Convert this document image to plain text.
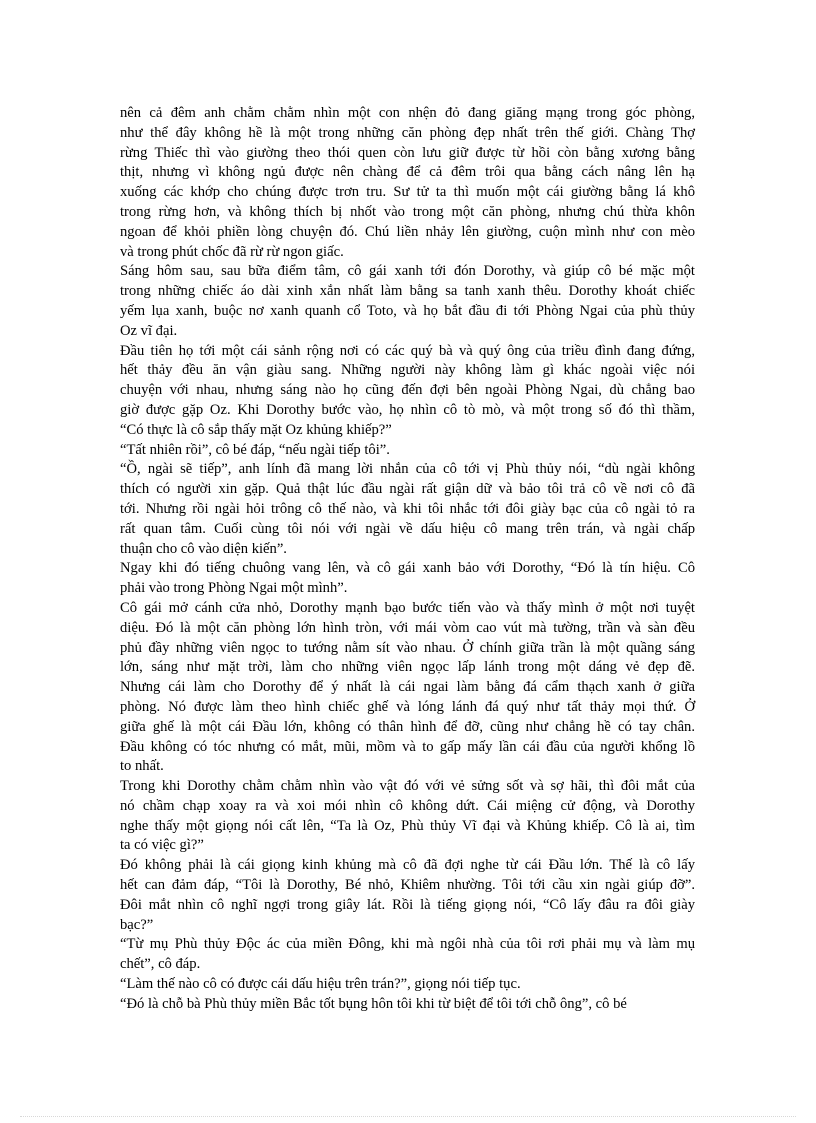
nên cả đêm anh chằm chằm nhìn một con nhện đỏ đang giăng mạng trong góc phòng,
như thể đây không hề là một trong những căn phòng đẹp nhất trên thế giới. Chàng Thợ
rừng Thiếc thì vào giường theo thói quen còn lưu giữ được từ hồi còn bằng xương bằng
thịt, nhưng vì không ngủ được nên chàng để cả đêm trôi qua bằng cách nâng lên hạ
xuống các khớp cho chúng được trơn tru. Sư tử ta thì muốn một cái giường bằng lá khô
trong rừng hơn, và không thích bị nhốt vào trong một căn phòng, nhưng chú thừa khôn
ngoan để khỏi phiền lòng chuyện đó. Chú liền nhảy lên giường, cuộn mình như con mèo
và trong phút chốc đã rừ rừ ngon giấc.
Sáng hôm sau, sau bữa điểm tâm, cô gái xanh tới đón Dorothy, và giúp cô bé mặc một
trong những chiếc áo dài xinh xắn nhất làm bằng sa tanh xanh thêu. Dorothy khoát chiếc
yếm lụa xanh, buộc nơ xanh quanh cổ Toto, và họ bắt đầu đi tới Phòng Ngai của phù thủy
Oz vĩ đại.
Đầu tiên họ tới một cái sảnh rộng nơi có các quý bà và quý ông của triều đình đang đứng,
hết thảy đều ăn vận giàu sang. Những người này không làm gì khác ngoài việc nói
chuyện với nhau, nhưng sáng nào họ cũng đến đợi bên ngoài Phòng Ngai, dù chẳng bao
giờ được gặp Oz. Khi Dorothy bước vào, họ nhìn cô tò mò, và một trong số đó thì thầm,
“Có thực là cô sắp thấy mặt Oz khủng khiếp?”
“Tất nhiên rồi”, cô bé đáp, “nếu ngài tiếp tôi”.
“Ồ, ngài sẽ tiếp”, anh lính đã mang lời nhắn của cô tới vị Phù thủy nói, “dù ngài không
thích có người xin gặp. Quả thật lúc đầu ngài rất giận dữ và bảo tôi trả cô về nơi cô đã
tới. Nhưng rồi ngài hỏi trông cô thế nào, và khi tôi nhắc tới đôi giày bạc của cô ngài tỏ ra
rất quan tâm. Cuối cùng tôi nói với ngài về dấu hiệu cô mang trên trán, và ngài chấp
thuận cho cô vào diện kiến”.
Ngay khi đó tiếng chuông vang lên, và cô gái xanh bảo với Dorothy, “Đó là tín hiệu. Cô
phải vào trong Phòng Ngai một mình”.
Cô gái mở cánh cửa nhỏ, Dorothy mạnh bạo bước tiến vào và thấy mình ở một nơi tuyệt
diệu. Đó là một căn phòng lớn hình tròn, với mái vòm cao vút mà tường, trần và sàn đều
phủ đầy những viên ngọc to tướng nằm sít vào nhau. Ở chính giữa trần là một quầng sáng
lớn, sáng như mặt trời, làm cho những viên ngọc lấp lánh trong một dáng vẻ đẹp đẽ.
Nhưng cái làm cho Dorothy để ý nhất là cái ngai làm bằng đá cẩm thạch xanh ở giữa
phòng. Nó được làm theo hình chiếc ghế và lóng lánh đá quý như tất thảy mọi thứ. Ở
giữa ghế là một cái Đầu lớn, không có thân hình để đỡ, cũng như chẳng hề có tay chân.
Đầu không có tóc nhưng có mắt, mũi, mồm và to gấp mấy lần cái đầu của người khổng lồ
to nhất.
Trong khi Dorothy chằm chằm nhìn vào vật đó với vẻ sửng sốt và sợ hãi, thì đôi mắt của
nó chầm chạp xoay ra và xoi mói nhìn cô không dứt. Cái miệng cử động, và Dorothy
nghe thấy một giọng nói cất lên, “Ta là Oz, Phù thủy Vĩ đại và Khủng khiếp. Cô là ai, tìm
ta có việc gì?”
Đó không phải là cái giọng kinh khủng mà cô đã đợi nghe từ cái Đầu lớn. Thế là cô lấy
hết can đảm đáp, “Tôi là Dorothy, Bé nhỏ, Khiêm nhường. Tôi tới cầu xin ngài giúp đỡ”.
Đôi mắt nhìn cô nghĩ ngợi trong giây lát. Rồi là tiếng giọng nói, “Cô lấy đâu ra đôi giày
bạc?”
“Từ mụ Phù thủy Độc ác của miền Đông, khi mà ngôi nhà của tôi rơi phải mụ và làm mụ
chết”, cô đáp.
“Làm thế nào cô có được cái dấu hiệu trên trán?”, giọng nói tiếp tục.
“Đó là chỗ bà Phù thủy miền Bắc tốt bụng hôn tôi khi từ biệt để tôi tới chỗ ông”, cô bé
